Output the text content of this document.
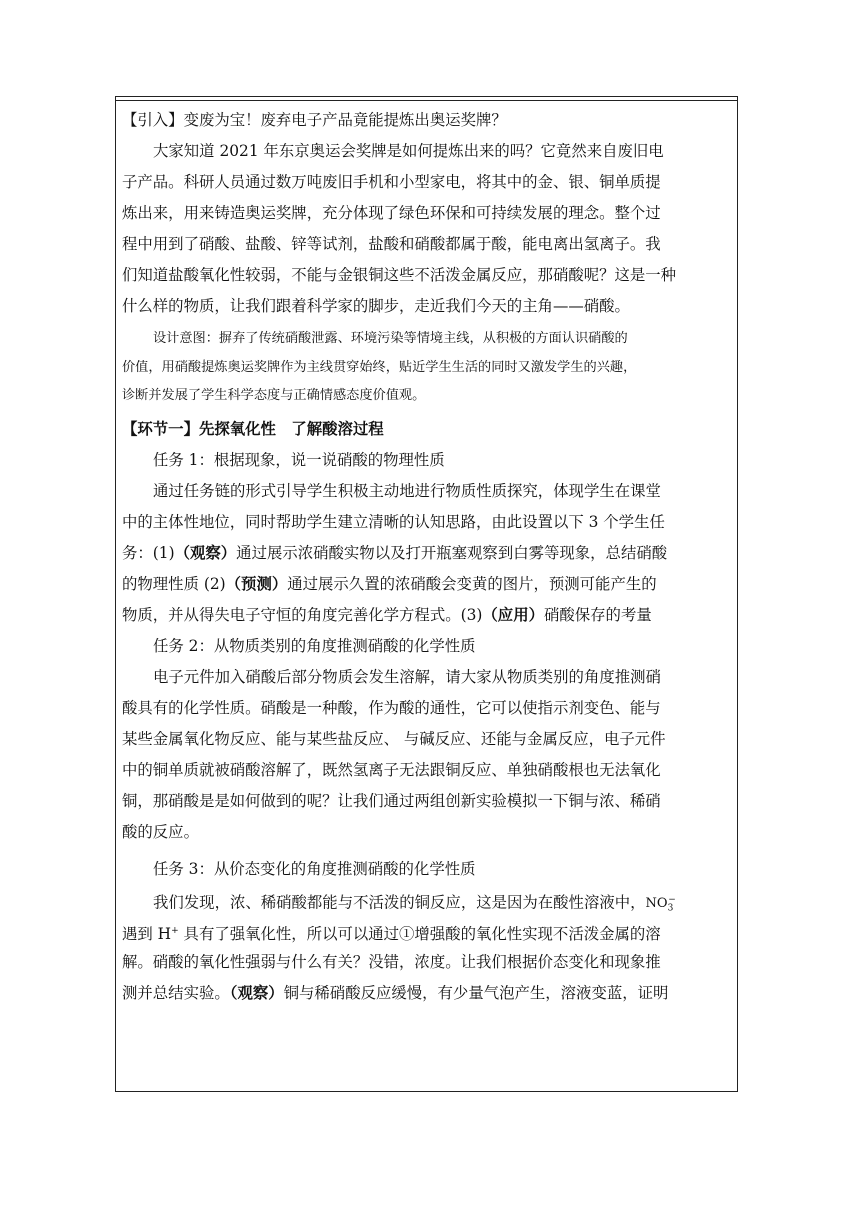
【引入】变废为宝！废弃电子产品竟能提炼出奥运奖牌？

大家知道 2021 年东京奥运会奖牌是如何提炼出来的吗？它竟然来自废旧电

子产品。科研人员通过数万吨废旧手机和小型家电，将其中的金、银、铜单质提

炼出来，用来铸造奥运奖牌，充分体现了绿色环保和可持续发展的理念。整个过

程中用到了硝酸、盐酸、锌等试剂，盐酸和硝酸都属于酸，能电离出氢离子。我

们知道盐酸氧化性较弱，不能与金银铜这些不活泼金属反应，那硝酸呢？这是一种

什么样的物质，让我们跟着科学家的脚步，走近我们今天的主角——硝酸。

设计意图：摒弃了传统硝酸泄露、环境污染等情境主线，从积极的方面认识硝酸的

价值，用硝酸提炼奥运奖牌作为主线贯穿始终，贴近学生生活的同时又激发学生的兴趣，

诊断并发展了学生科学态度与正确情感态度价值观。

【环节一】先探氧化性　了解酸溶过程

任务 1：根据现象，说一说硝酸的物理性质

通过任务链的形式引导学生积极主动地进行物质性质探究，体现学生在课堂

中的主体性地位，同时帮助学生建立清晰的认知思路，由此设置以下 3 个学生任

务：(1)（观察）通过展示浓硝酸实物以及打开瓶塞观察到白雾等现象，总结硝酸

的物理性质 (2)（预测）通过展示久置的浓硝酸会变黄的图片，预测可能产生的

物质，并从得失电子守恒的角度完善化学方程式。(3)（应用）硝酸保存的考量

任务 2：从物质类别的角度推测硝酸的化学性质

电子元件加入硝酸后部分物质会发生溶解，请大家从物质类别的角度推测硝

酸具有的化学性质。硝酸是一种酸，作为酸的通性，它可以使指示剂变色、能与

某些金属氧化物反应、能与某些盐反应、 与碱反应、还能与金属反应，电子元件

中的铜单质就被硝酸溶解了，既然氢离子无法跟铜反应、单独硝酸根也无法氧化

铜，那硝酸是是如何做到的呢？让我们通过两组创新实验模拟一下铜与浓、稀硝

酸的反应。

任务 3：从价态变化的角度推测硝酸的化学性质

我们发现，浓、稀硝酸都能与不活泼的铜反应，这是因为在酸性溶液中，$NO_3^-$

遇到 H+ 具有了强氧化性，所以可以通过①增强酸的氧化性实现不活泼金属的溶

解。硝酸的氧化性强弱与什么有关？没错，浓度。让我们根据价态变化和现象推

测并总结实验。（观察）铜与稀硝酸反应缓慢，有少量气泡产生，溶液变蓝，证明
